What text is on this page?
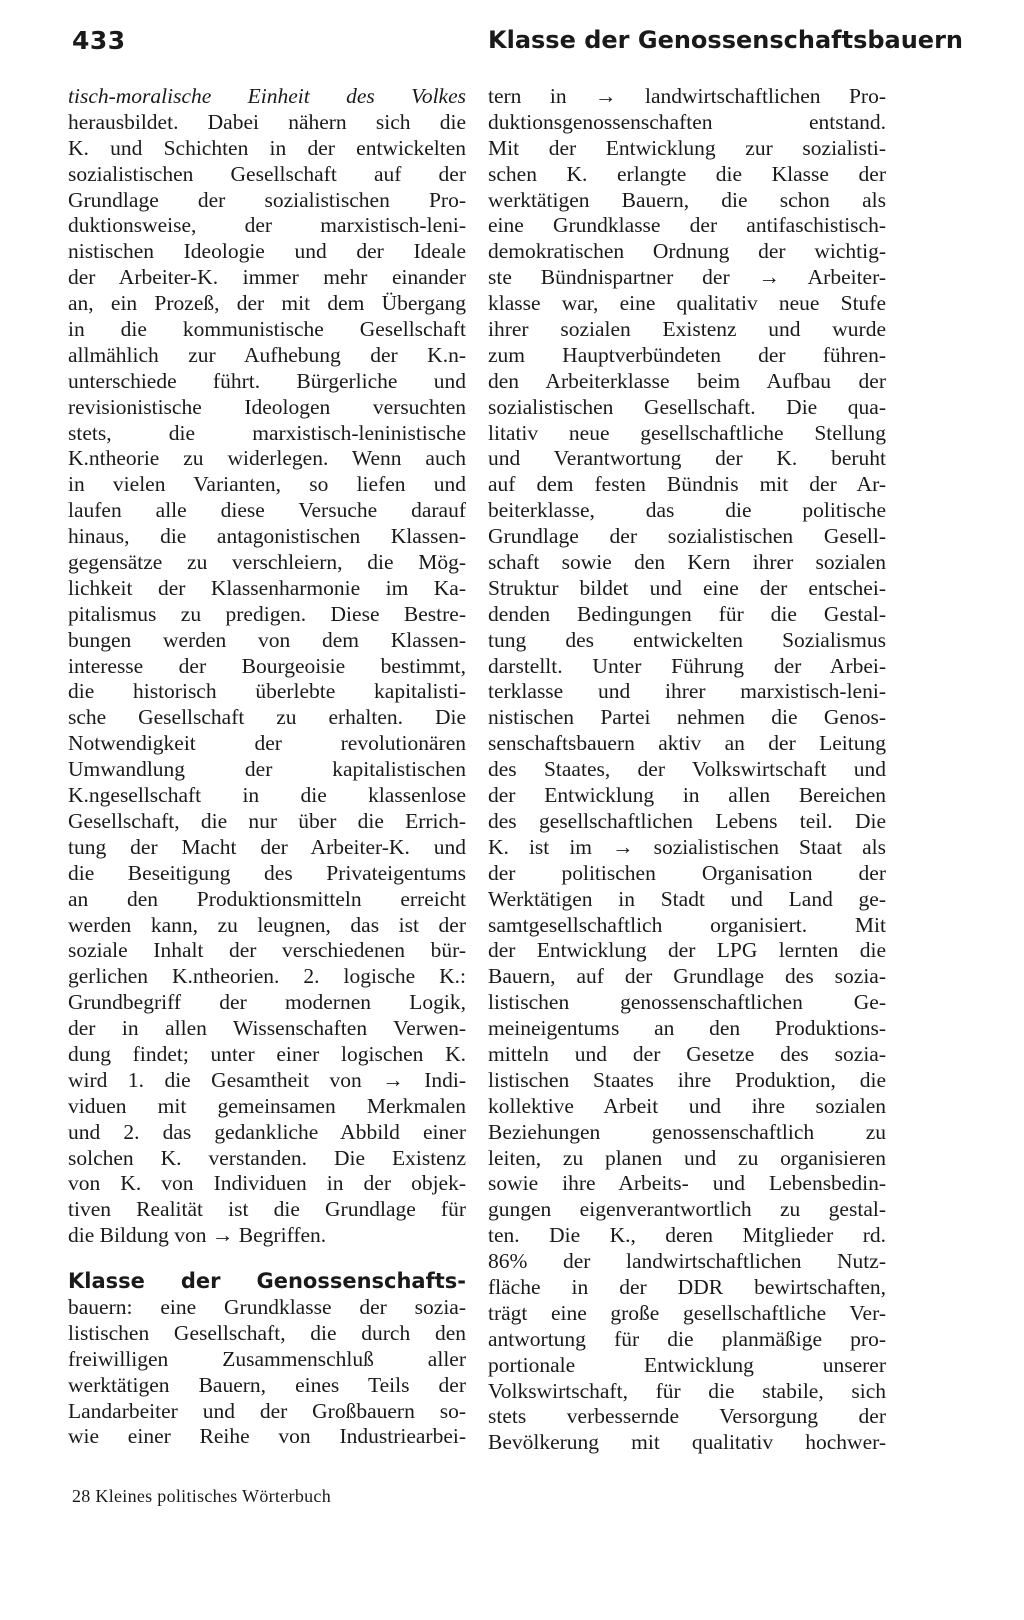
433	Klasse der Genossenschaftsbauern
tisch-moralische Einheit des Volkes
herausbildet. Dabei nähern sich die
K. und Schichten in der entwickelten
sozialistischen Gesellschaft auf der
Grundlage der sozialistischen Pro-
duktionsweise, der marxistisch-leni-
nistischen Ideologie und der Ideale
der Arbeiter-K. immer mehr einander
an, ein Prozeß, der mit dem Übergang
in die kommunistische Gesellschaft
allmählich zur Aufhebung der K.n-
unterschiede führt. Bürgerliche und
revisionistische Ideologen versuchten
stets, die marxistisch-leninistische
K.ntheorie zu widerlegen. Wenn auch
in vielen Varianten, so liefen und
laufen alle diese Versuche darauf
hinaus, die antagonistischen Klassen-
gegensätze zu verschleiern, die Mög-
lichkeit der Klassenharmonie im Ka-
pitalismus zu predigen. Diese Bestre-
bungen werden von dem Klassen-
interesse der Bourgeoisie bestimmt,
die historisch überlebte kapitalisti-
sche Gesellschaft zu erhalten. Die
Notwendigkeit der revolutionären
Umwandlung der kapitalistischen
K.ngesellschaft in die klassenlose
Gesellschaft, die nur über die Errich-
tung der Macht der Arbeiter-K. und
die Beseitigung des Privateigentums
an den Produktionsmitteln erreicht
werden kann, zu leugnen, das ist der
soziale Inhalt der verschiedenen bür-
gerlichen K.ntheorien. 2. logische K.:
Grundbegriff der modernen Logik,
der in allen Wissenschaften Verwen-
dung findet; unter einer logischen K.
wird 1. die Gesamtheit von → Indi-
viduen mit gemeinsamen Merkmalen
und 2. das gedankliche Abbild einer
solchen K. verstanden. Die Existenz
von K. von Individuen in der objek-
tiven Realität ist die Grundlage für
die Bildung von → Begriffen.
Klasse der Genossenschafts-
bauern: eine Grundklasse der sozia-
listischen Gesellschaft, die durch den
freiwilligen Zusammenschluß aller
werktätigen Bauern, eines Teils der
Landarbeiter und der Großbauern so-
wie einer Reihe von Industriearbei-
tern in → landwirtschaftlichen Pro-
duktionsgenossenschaften entstand.
Mit der Entwicklung zur sozialisti-
schen K. erlangte die Klasse der
werktätigen Bauern, die schon als
eine Grundklasse der antifaschistisch-
demokratischen Ordnung der wichtig-
ste Bündnispartner der → Arbeiter-
klasse war, eine qualitativ neue Stufe
ihrer sozialen Existenz und wurde
zum Hauptverbündeten der führen-
den Arbeiterklasse beim Aufbau der
sozialistischen Gesellschaft. Die qua-
litativ neue gesellschaftliche Stellung
und Verantwortung der K. beruht
auf dem festen Bündnis mit der Ar-
beiterklasse, das die politische
Grundlage der sozialistischen Gesell-
schaft sowie den Kern ihrer sozialen
Struktur bildet und eine der entschei-
denden Bedingungen für die Gestal-
tung des entwickelten Sozialismus
darstellt. Unter Führung der Arbei-
terklasse und ihrer marxistisch-leni-
nistischen Partei nehmen die Genos-
senschaftsbauern aktiv an der Leitung
des Staates, der Volkswirtschaft und
der Entwicklung in allen Bereichen
des gesellschaftlichen Lebens teil. Die
K. ist im → sozialistischen Staat als
der politischen Organisation der
Werktätigen in Stadt und Land ge-
samtgesellschaftlich organisiert. Mit
der Entwicklung der LPG lernten die
Bauern, auf der Grundlage des sozia-
listischen genossenschaftlichen Ge-
meineigentums an den Produktions-
mitteln und der Gesetze des sozia-
listischen Staates ihre Produktion, die
kollektive Arbeit und ihre sozialen
Beziehungen genossenschaftlich zu
leiten, zu planen und zu organisieren
sowie ihre Arbeits- und Lebensbedin-
gungen eigenverantwortlich zu gestal-
ten. Die K., deren Mitglieder rd.
86% der landwirtschaftlichen Nutz-
fläche in der DDR bewirtschaften,
trägt eine große gesellschaftliche Ver-
antwortung für die planmäßige pro-
portionale Entwicklung unserer
Volkswirtschaft, für die stabile, sich
stets verbessernde Versorgung der
Bevölkerung mit qualitativ hochwer-
28 Kleines politisches Wörterbuch
